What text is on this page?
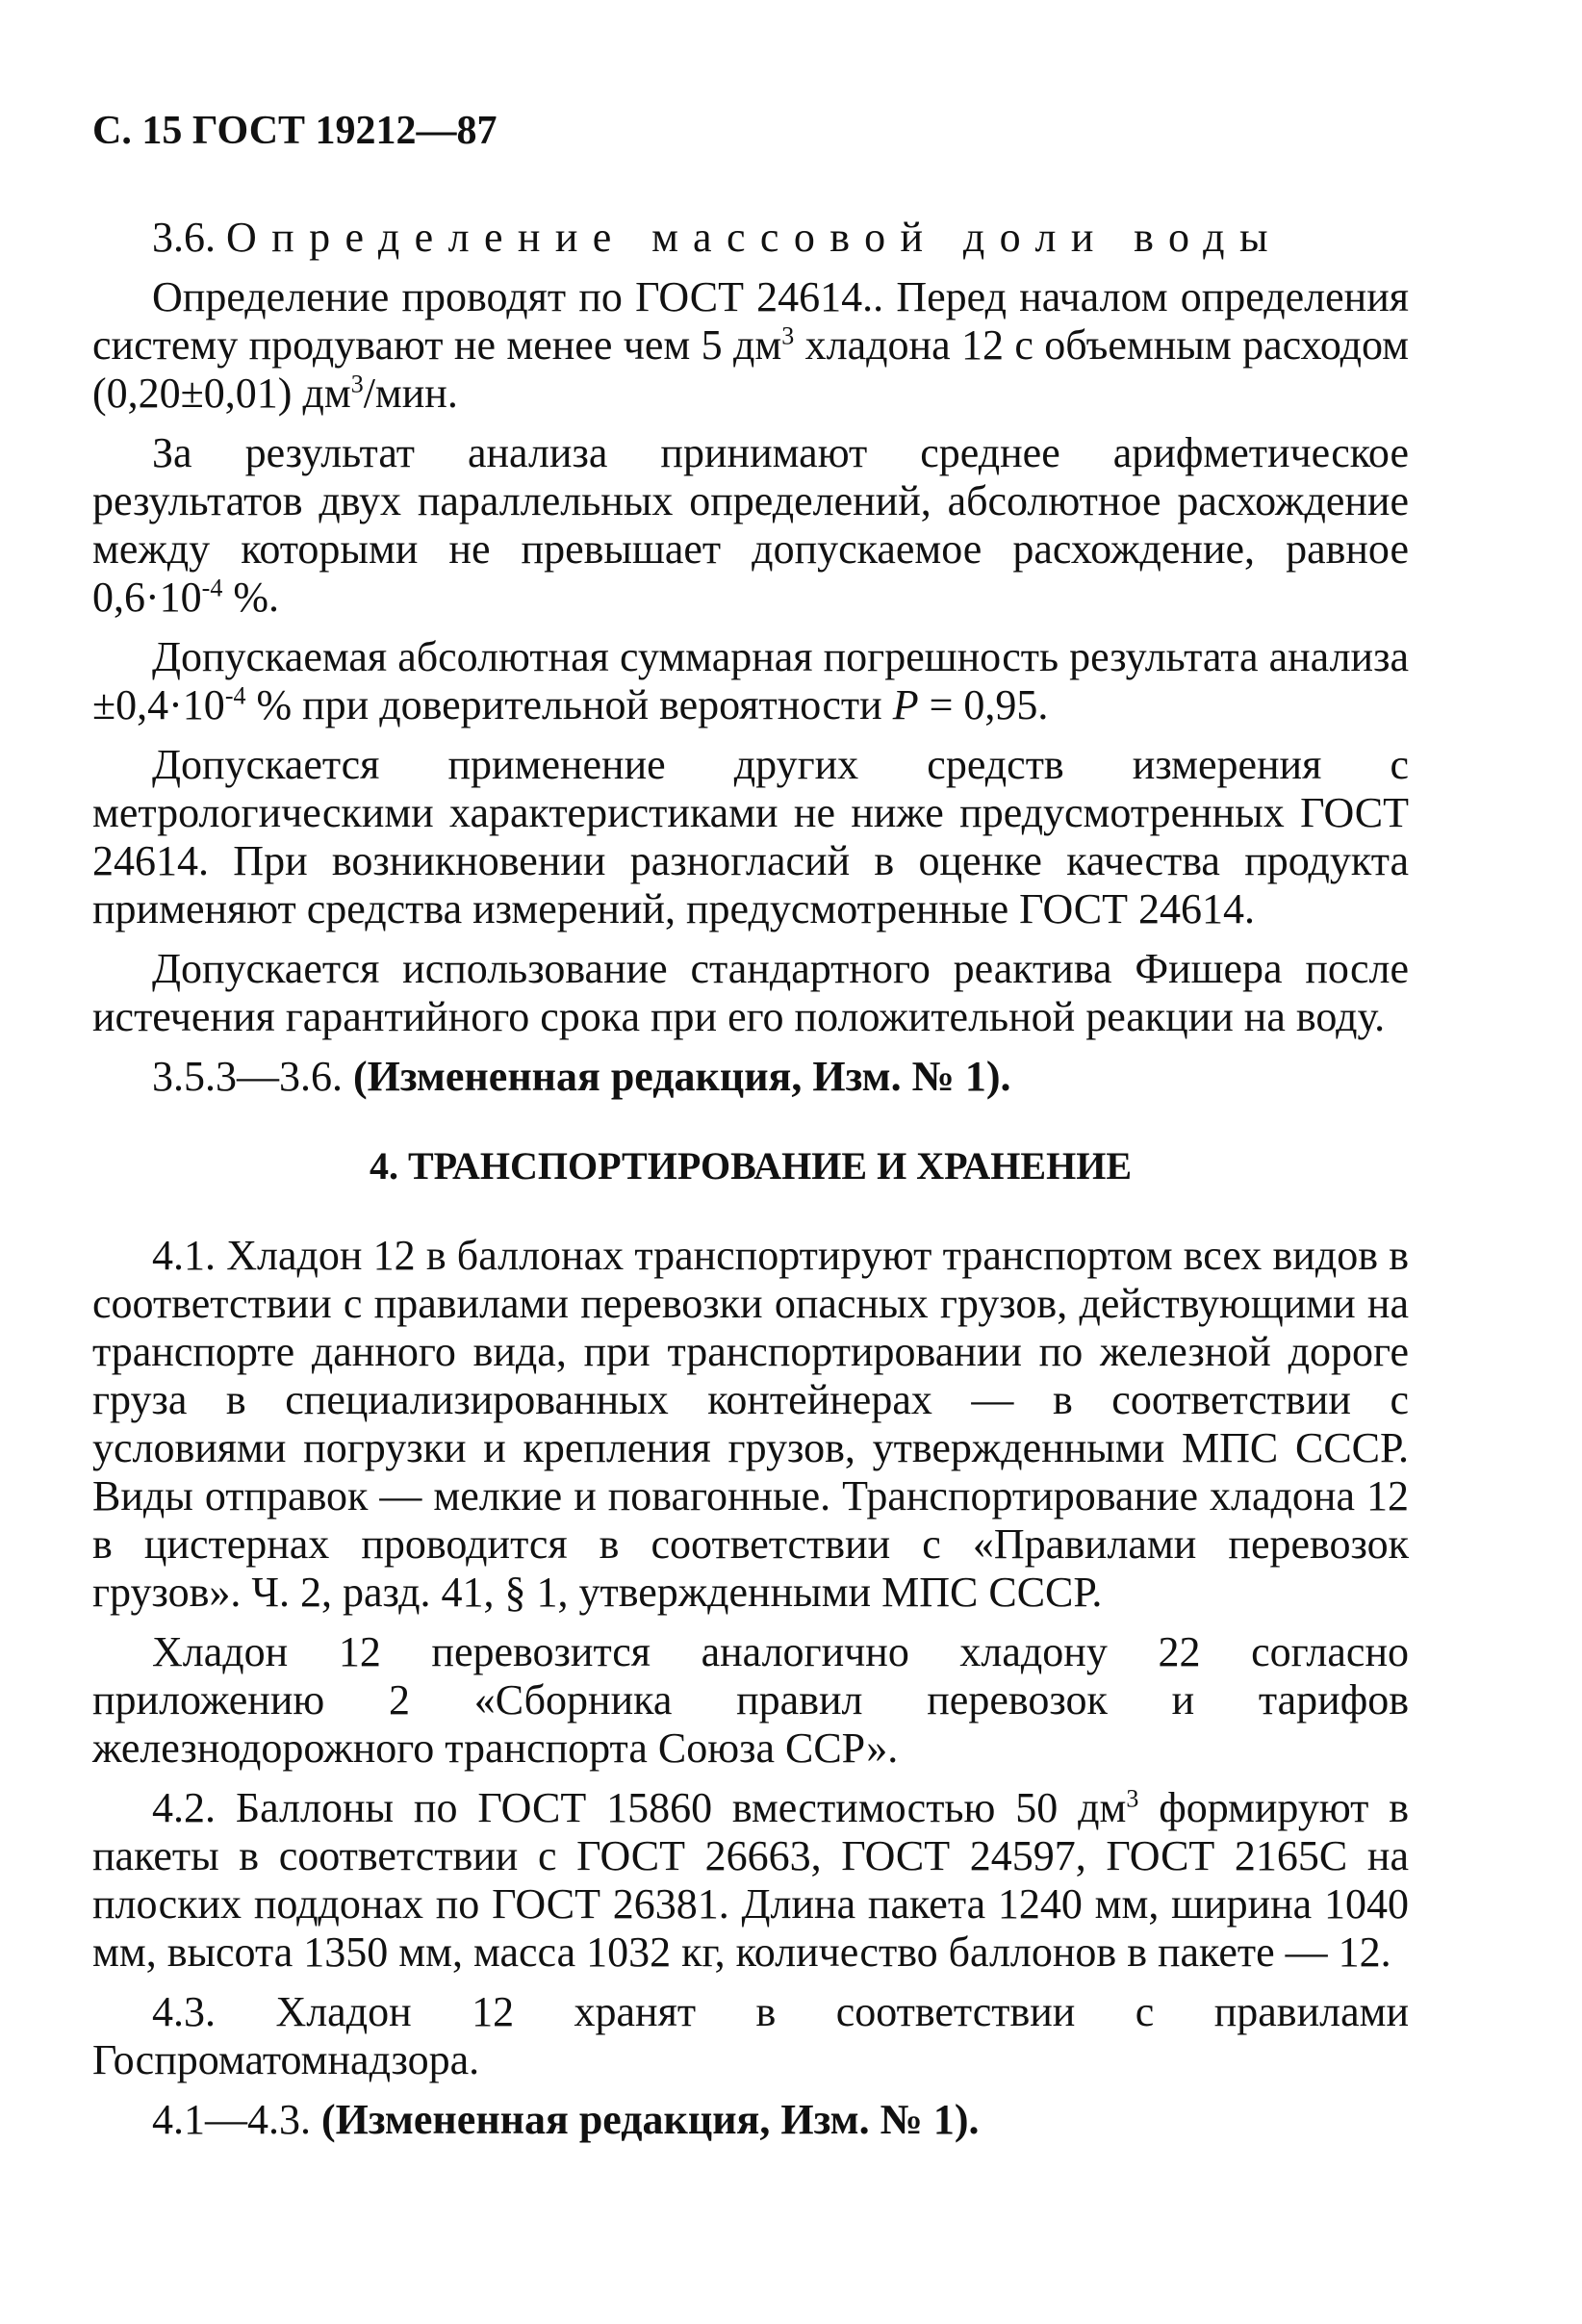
С. 15 ГОСТ 19212—87

3.6. Определение массовой доли воды

Определение проводят по ГОСТ 24614.. Перед началом определения систему продувают не менее чем 5 $дм^3$ хладона 12 с объемным расходом (0,20±0,01) $дм^3$/мин.

За результат анализа принимают среднее арифметическое результатов двух параллельных определений, абсолютное расхождение между которыми не превышает допускаемое расхождение, равное $0,6\cdot 10^{-4}$ %.

Допускаемая абсолютная суммарная погрешность результата анализа $\pm 0,4\cdot 10^{-4}$ % при доверительной вероятности P = 0,95.

Допускается применение других средств измерения с метрологическими характеристиками не ниже предусмотренных ГОСТ 24614. При возникновении разногласий в оценке качества продукта применяют средства измерений, предусмотренные ГОСТ 24614.

Допускается использование стандартного реактива Фишера после истечения гарантийного срока при его положительной реакции на воду.

3.5.3—3.6. (Измененная редакция, Изм. № 1).

4. ТРАНСПОРТИРОВАНИЕ И ХРАНЕНИЕ

4.1. Хладон 12 в баллонах транспортируют транспортом всех видов в соответствии с правилами перевозки опасных грузов, действующими на транспорте данного вида, при транспортировании по железной дороге груза в специализированных контейнерах — в соответствии с условиями погрузки и крепления грузов, утвержденными МПС СССР. Виды отправок — мелкие и повагонные. Транспортирование хладона 12 в цистернах проводится в соответствии с «Правилами перевозок грузов». Ч. 2, разд. 41, § 1, утвержденными МПС СССР.

Хладон 12 перевозится аналогично хладону 22 согласно приложению 2 «Сборника правил перевозок и тарифов железнодорожного транспорта Союза ССР».

4.2. Баллоны по ГОСТ 15860 вместимостью 50 $дм^3$ формируют в пакеты в соответствии с ГОСТ 26663, ГОСТ 24597, ГОСТ 2165С на плоских поддонах по ГОСТ 26381. Длина пакета 1240 мм, ширина 1040 мм, высота 1350 мм, масса 1032 кг, количество баллонов в пакете — 12.

4.3. Хладон 12 хранят в соответствии с правилами Госпроматомнадзора.

4.1—4.3. (Измененная редакция, Изм. № 1).
